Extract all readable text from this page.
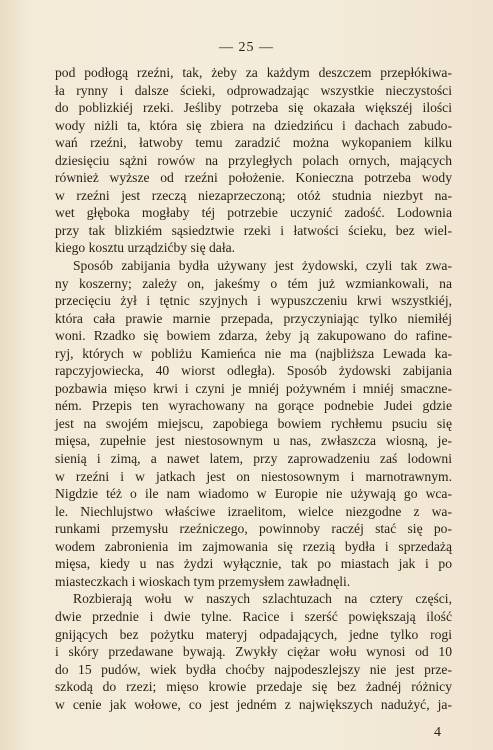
— 25 —
pod podłogą rzeźni, tak, żeby za każdym deszczem przepłókiwa-
ła rynny i dalsze ścieki, odprowadzając wszystkie nieczystości
do poblizkiéj rzeki. Jeśliby potrzeba się okazała większéj ilości
wody niżli ta, która się zbiera na dziedzińcu i dachach zabudo-
wań rzeźni, łatwoby temu zaradzić można wykopaniem kilku
dziesięciu sążni rowów na przyległych polach ornych, mających
również wyższe od rzeźni położenie. Konieczna potrzeba wody
w rzeźni jest rzeczą niezaprzeczoną; otóż studnia niezbyt na-
wet głęboka mogłaby téj potrzebie uczynić zadość. Lodownia
przy tak blizkiém sąsiedztwie rzeki i łatwości ścieku, bez wiel-
kiego kosztu urządzićby się dała.
Sposób zabijania bydła używany jest żydowski, czyli tak zwa-
ny koszerny; zależy on, jakeśmy o tém już wzmiankowali, na
przecięciu żył i tętnic szyjnych i wypuszczeniu krwi wszystkiéj,
która cała prawie marnie przepada, przyczyniając tylko niemiłéj
woni. Rzadko się bowiem zdarza, żeby ją zakupowano do rafine-
ryj, których w pobliżu Kamieńca nie ma (najbliższa Lewada ka-
rapczyjowiecka, 40 wiorst odległa). Sposób żydowski zabijania
pozbawia mięso krwi i czyni je mniéj pożywném i mniéj smaczne-
ném. Przepis ten wyrachowany na gorące podnebie Judei gdzie
jest na swojém miejscu, zapobiega bowiem rychłemu psuciu się
mięsa, zupełnie jest niestosownym u nas, zwłaszcza wiosną, je-
sienią i zimą, a nawet latem, przy zaprowadzeniu zaś lodowni
w rzeźni i w jatkach jest on niestosownym i marnotrawnym.
Nigdzie téż o ile nam wiadomo w Europie nie używają go wca-
le. Niechlujstwo właściwe izraelitom, wielce niezgodne z wa-
runkami przemysłu rzeźniczego, powinnoby raczéj stać się po-
wodem zabronienia im zajmowania się rzezią bydła i sprzedażą
mięsa, kiedy u nas żydzi wyłącznie, tak po miastach jak i po
miasteczkach i wioskach tym przemysłem zawładnęli.
Rozbierają wołu w naszych szlachtuzach na cztery części,
dwie przednie i dwie tylne. Racice i szerść powiększają ilość
gnijących bez pożytku materyj odpadających, jedne tylko rogi
i skóry przedawane bywają. Zwykły ciężar wołu wynosi od 10
do 15 pudów, wiek bydła choćby najpodeszlejszy nie jest prze-
szkodą do rzezi; mięso krowie przedaje się bez żadnéj różnicy
w cenie jak wołowe, co jest jedném z największych nadużyć, ja-
4
